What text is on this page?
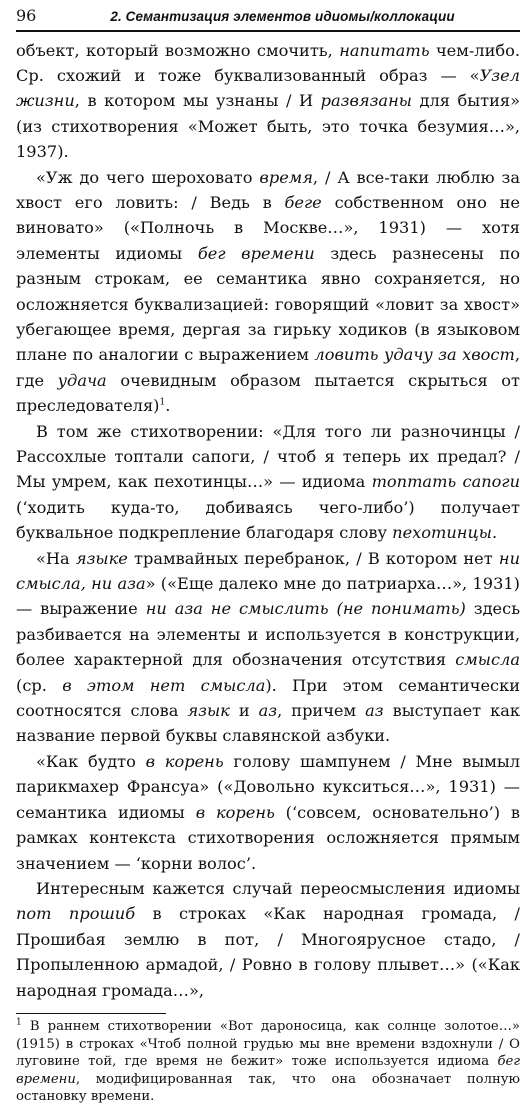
96	2. Семантизация элементов идиомы/коллокации

объект, который возможно смочить, напитать чем-либо. Ср. схожий и тоже буквализованный образ — «Узел жизни, в котором мы узнаны / И развязаны для бытия» (из стихотворения «Может быть, это точка безумия…», 1937).

«Уж до чего шероховато время, / А все-таки люблю за хвост его ловить: / Ведь в беге собственном оно не виновато» («Полночь в Москве…», 1931) — хотя элементы идиомы бег времени здесь разнесены по разным строкам, ее семантика явно сохраняется, но осложняется буквализацией: говорящий «ловит за хвост» убегающее время, дергая за гирьку ходиков (в языковом плане по аналогии с выражением ловить удачу за хвост, где удача очевидным образом пытается скрыться от преследователя)$^1$.

В том же стихотворении: «Для того ли разночинцы / Рассохлые топтали сапоги, / чтоб я теперь их предал? / Мы умрем, как пехотинцы…» — идиома топтать сапоги (‘ходить куда-то, добиваясь чего-либо’) получает буквальное подкрепление благодаря слову пехотинцы.

«На языке трамвайных перебранок, / В котором нет ни смысла, ни аза» («Еще далеко мне до патриарха…», 1931) — выражение ни аза не смыслить (не понимать) здесь разбивается на элементы и используется в конструкции, более характерной для обозначения отсутствия смысла (ср. в этом нет смысла). При этом семантически соотносятся слова язык и аз, причем аз выступает как название первой буквы славянской азбуки.

«Как будто в корень голову шампунем / Мне вымыл парикмахер Франсуа» («Довольно кукситься…», 1931) — семантика идиомы в корень (‘совсем, основательно’) в рамках контекста стихотворения осложняется прямым значением — ‘корни волос’.

Интересным кажется случай переосмысления идиомы пот прошиб в строках «Как народная громада, / Прошибая землю в пот, / Многоярусное стадо, / Пропыленною армадой, / Ровно в голову плывет…» («Как народная громада…»,

$^1$ В раннем стихотворении «Вот дароносица, как солнце золотое…» (1915) в строках «Чтоб полной грудью мы вне времени вздохнули / О луговине той, где время не бежит» тоже используется идиома бег времени, модифицированная так, что она обозначает полную остановку времени.
